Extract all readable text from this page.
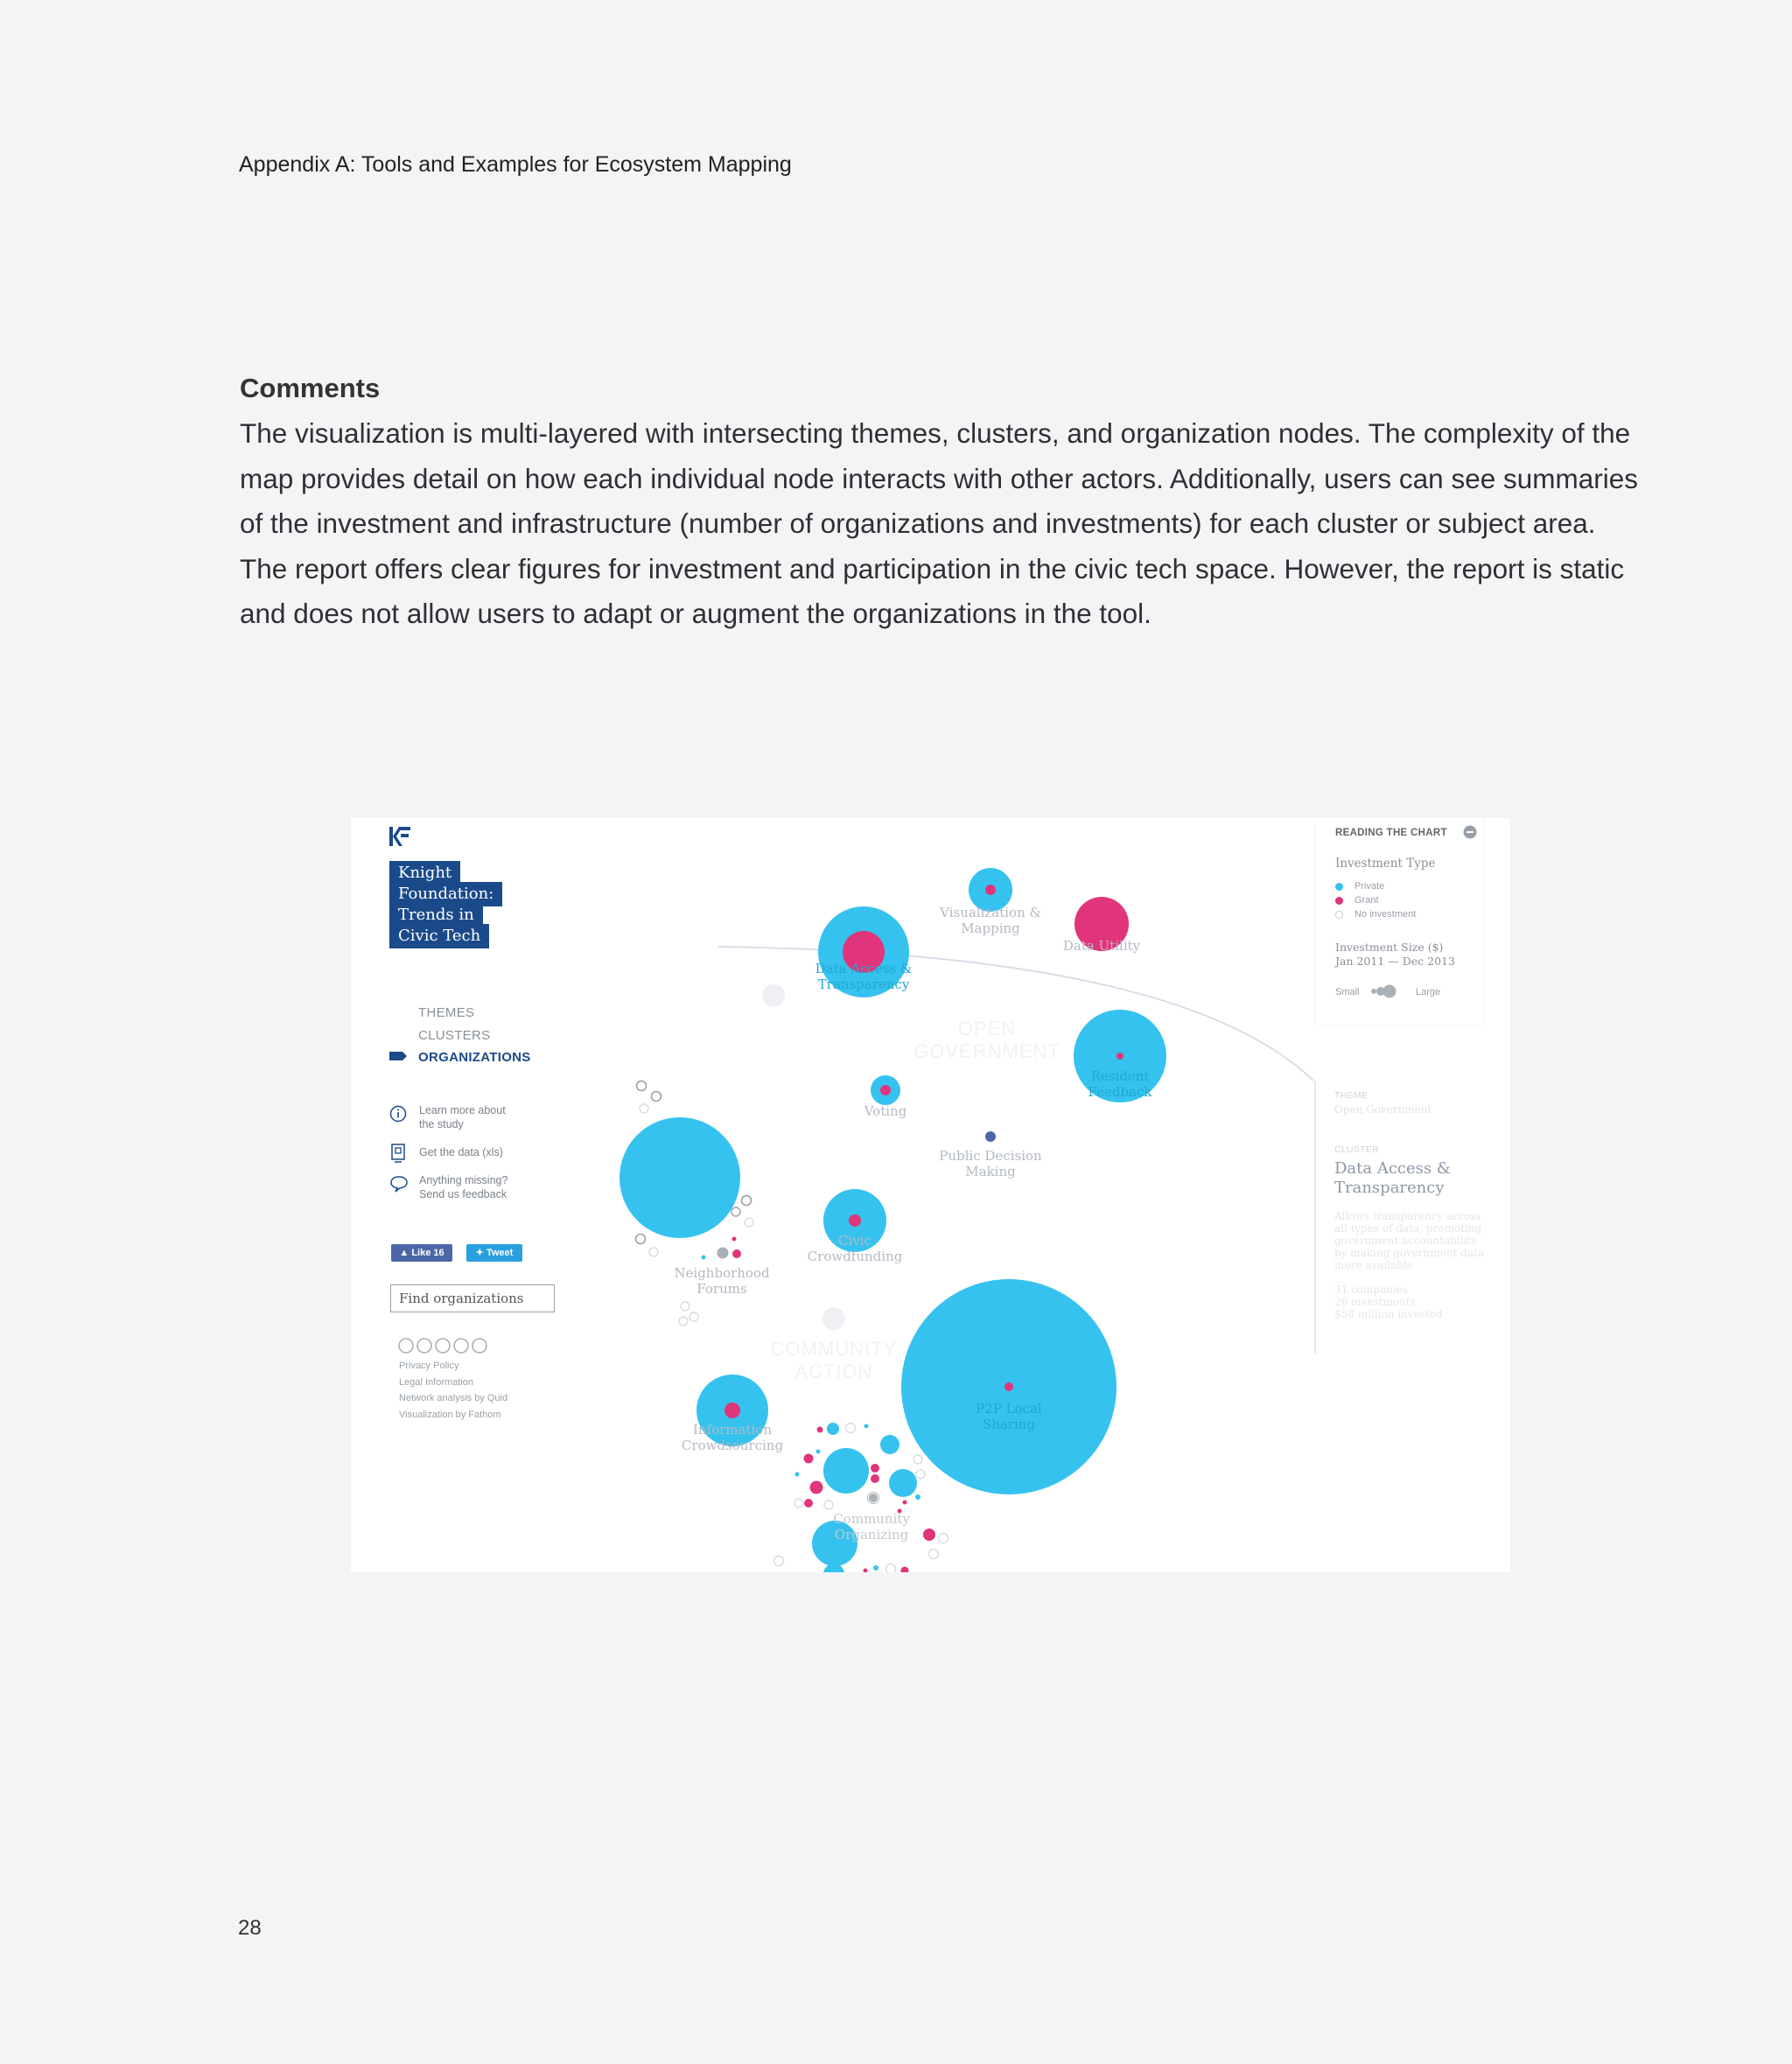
Appendix A: Tools and Examples for Ecosystem Mapping
Comments
The visualization is multi-layered with intersecting themes, clusters, and organization nodes. The complexity of the map provides detail on how each individual node interacts with other actors. Additionally, users can see summaries of the investment and infrastructure (number of organizations and investments) for each cluster or subject area. The report offers clear figures for investment and participation in the civic tech space. However, the report is static and does not allow users to adapt or augment the organizations in the tool.
Knight
Foundation:
Trends in
Civic Tech
THEMES
CLUSTERS
ORGANIZATIONS
Learn more about
the study
Get the data (xls)
Anything missing?
Send us feedback
▲ Like 16	✦ Tweet
Find organizations
Privacy Policy
Legal Information
Network analysis by Quid
Visualization by Fathom
OPEN
GOVERNMENT
COMMUNITY
ACTION
Visualization &
Mapping
Data Utility
Data Access &
Transparency
Resident
Feedback
Voting
Public Decision
Making
Neighborhood
Forums
Civic
Crowdfunding
P2P Local
Sharing
Information
Crowdsourcing
Community
Organizing
READING THE CHART
Investment Type
Private
Grant
No investment
Investment Size ($)
Jan 2011 — Dec 2013
Small	Large
THEME
Open Government
CLUSTER
Data Access &
Transparency
Allows transparency across all types of data, promoting government accountability by making government data more available
31 companies
26 investments
$58 million invested
28
